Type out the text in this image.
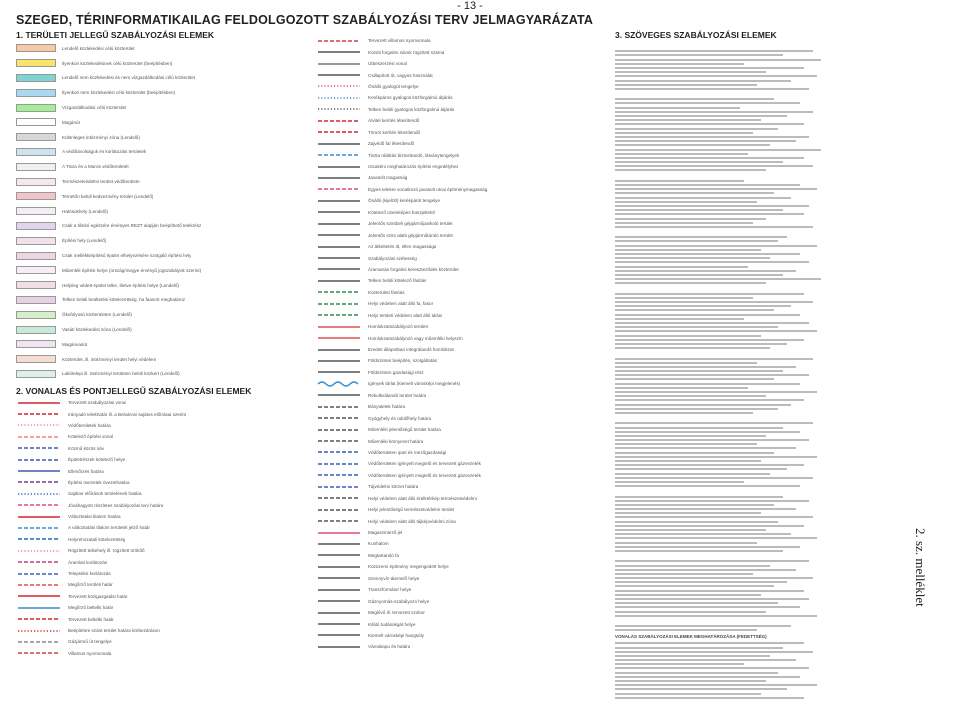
- 13 -
SZEGED, TÉRINFORMATIKAILAG FELDOLGOZOTT SZABÁLYOZÁSI TERV JELMAGYARÁZATA
1. TERÜLETI JELLEGŰ SZABÁLYOZÁSI ELEMEK
Lendelő közlekedési célú közterület
Ilyenkori közlekedésinek célú közterület (beépítésben)
Lendelő nem közlekedési és nem vízgazdálkodási célú közterület
Ilyenkori nem közlekedési célú közterület (beépítésben)
Vízgazdálkodási célú közterület
Magánút
Különleges intézményi zóna (Lendelő)
A védőtávolságok és korlátozási területek
A Tisza és a Maros védőterületét
Természetvédelmi terület védőterülete
Temetőn belüli kedvezmény terület (Lendelő)
Hatósokhely (Lendelő)
Csak a tilinkó egészére érvényes REZT alapján beépíthető telekrész
Építési hely (Lendelő)
Csak mellékkiépítésű épület elhelyezésére szolgáló építési hely
Műemlék építési helye (ország/megye érvényű jogszabályok szerint)
Helyileg védett épület telke, illetve építési helye (Lendelő)
Telken belüli beültetési kötelezettség, ha faasort meghatároz
Ökofolyosó közterületen (Lendelő)
Vasúti közlekedési zóna (Lendelő)
Magánvasút
Közterület, ill. intézményi terület helyi védelem
Lakótelepi ill. intézményi területen belüli közkert (Lendelő)
2. VONALAS ÉS PONTJELLEGŰ SZABÁLYOZÁSI ELEMEK
Tervezett szabályozási vonal
Irányadó telekhatár ill. a Belvárosi sajátos előírásai szerint
Védőterületek határa
Kötelező építési vonal
Közmű közös sáv
Épületrészek kötelező helye
Ellenőrzés határa
Építési övezetek övezethatára
Sajátos előírások területének határa
Jóváhagyott részletes szabályozási terv határa
Változtatási tilalom határa
A változtatási tilalom területét jelző határ
Helyrehozatali kötelezettség
Rögzített telkehely ill. rögzített örökítő
Áramlati korlátozás
Települési korlátozás
Megőrző területi határ
Tervezett közigazgatási határ
Megőrző beltelki határ
Tervezett beltelki határ
Beépítésre szánt terület határa körbezáráson
Gázjármű út tengelye
Villamos nyomvonala
Tervezett villamos nyomvonala
Közúti forgalmi sávok rögzített száma
Útbeszerzési vonal
Csillapított út, vagyos használat
Önálló gyalogút tengelye
Kerékpáros gyalogos közforgalmú átjárás
Telken belüli gyalogos közforgalmú átjárás
Átvitel kerítés létesítendő
Tömör kerítés létesítendő
Zajvédő fal létesítendő
Tiszta ráláttás biztosítandó, látványtengelyek
Utcakéni meghatározás építési engedélyhez
Javasolt magasság
Egyes telekre vonatkozó javasolt utcai építménymagasság
Önálló (kijelölt) kerékpárút tengelye
Kötelező üzemképes büszjeltelöl
Jelentős szintbeli gépjárműparkoló terület
Jelentős szint alatti gépjárműtároló terület
Az átkeltetés itt, ellen magassága
Szabályozási szélesség
Áramanás forgalmi kereszteződés közterület
Telken belüli kötelező fásítás
Közterületi fásítás
Helyi védelem alatt álló fa, fasor
Helyi területi védelem alatt álló tárlat
Homlokzatszabályozó területi
Homlokzatszabályozó vagy műemléki helyszín
Eredeti állapotban integrálandó homlokzat
Földszintes beépítés, szolgáltatás
Földszinten gazdasági rész
Igények tárlat (kiemelt városképi megjelenés)
Rekultiválandó terület határa
Bányatelek határa
Gyógyhely és üdülőhely határa
Műemléki jelentőségű terület határa
Műemléki környezet határa
Védőterületen ipari és mezőgazdasági
Védőterületen igényelt megtelő és tervezett gázvezeték
Védőterületen igényelt megtelő és tervezett gázvezeték
Tájvédelmi körzet határa
Helyi védelem alatt álló értéktérkép természetvédelmi
Helyi jelentőségű természetvédelmi terület
Helyi védelem alatt álló tájképvédelmi zóna
Magaszintező jel
Kunhalom
Megtartandó fa
Közüzemi építmény megengedett helye
Szennyvíz-átemelő helye
Transzformátor helye
Gáznyomás-szabályozó helye
Meglévő ill. tervezett szobor
Kilátó tudásokgát helye
Kiemelt városképi hangsúly
Városkapu és határa
3. SZÖVEGES SZABÁLYOZÁSI ELEMEK
VONALAS SZABÁLYOZÁSI ELEMEK MEGHATÁROZÁSA (FEDETTSÉG)
2. sz. melléklet
